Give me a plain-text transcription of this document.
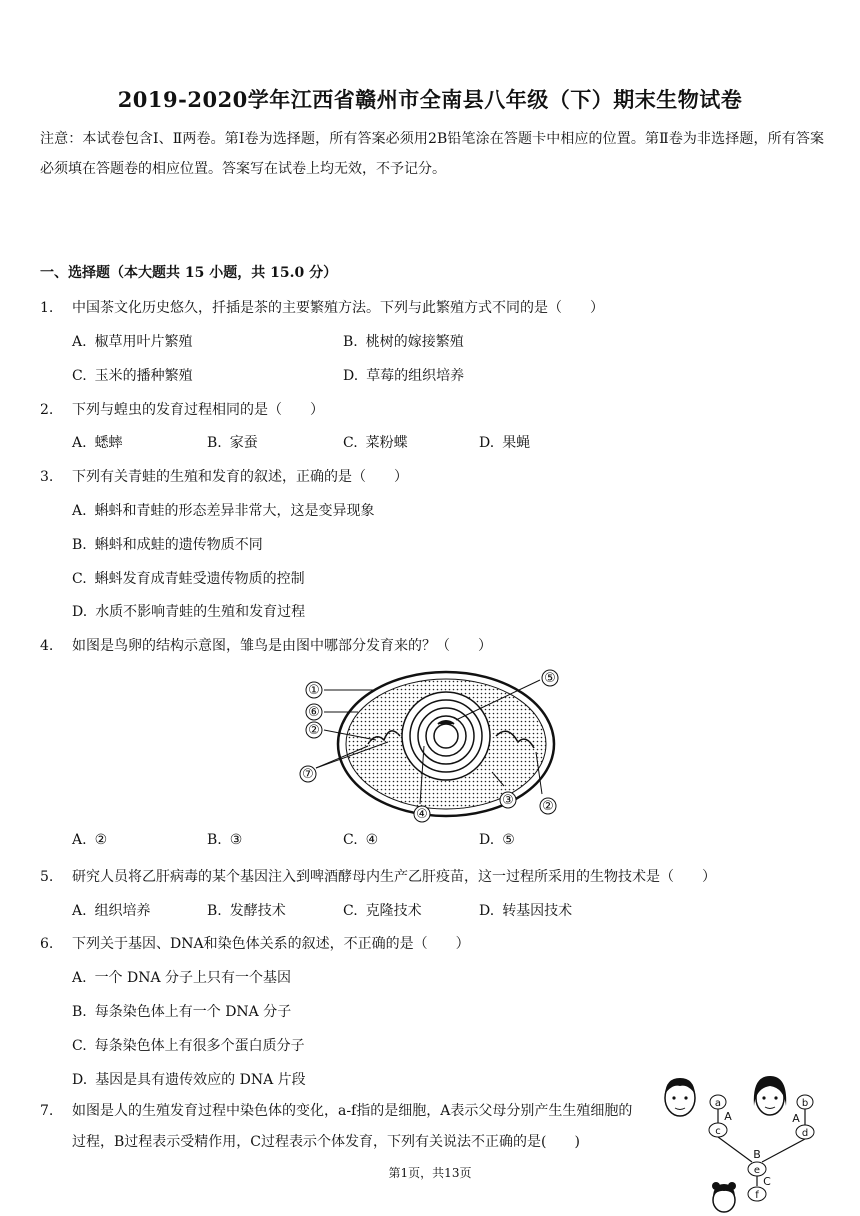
2019-2020学年江西省赣州市全南县八年级（下）期末生物试卷
注意：本试卷包含Ⅰ、Ⅱ两卷。第Ⅰ卷为选择题，所有答案必须用2B铅笔涂在答题卡中相应的位置。第Ⅱ卷为非选择题，所有答案必须填在答题卷的相应位置。答案写在试卷上均无效，不予记分。
一、选择题（本大题共 15 小题，共 15.0 分）
1. 中国茶文化历史悠久，扦插是茶的主要繁殖方法。下列与此繁殖方式不同的是（　　）
A. 椒草用叶片繁殖	B. 桃树的嫁接繁殖
C. 玉米的播种繁殖	D. 草莓的组织培养
2. 下列与蝗虫的发育过程相同的是（　　）
A. 蟋蟀	B. 家蚕	C. 菜粉蝶	D. 果蝇
3. 下列有关青蛙的生殖和发育的叙述，正确的是（　　）
A. 蝌蚪和青蛙的形态差异非常大，这是变异现象
B. 蝌蚪和成蛙的遗传物质不同
C. 蝌蚪发育成青蛙受遗传物质的控制
D. 水质不影响青蛙的生殖和发育过程
4. 如图是鸟卵的结构示意图，雏鸟是由图中哪部分发育来的？（　　）
①
⑥
②
⑦
⑤
③ ②
④
A. ②	B. ③	C. ④	D. ⑤
5. 研究人员将乙肝病毒的某个基因注入到啤酒酵母内生产乙肝疫苗，这一过程所采用的生物技术是（　　）
A. 组织培养	B. 发酵技术	C. 克隆技术	D. 转基因技术
6. 下列关于基因、DNA和染色体关系的叙述，不正确的是（　　）
A. 一个 DNA 分子上只有一个基因
B. 每条染色体上有一个 DNA 分子
C. 每条染色体上有很多个蛋白质分子
D. 基因是具有遗传效应的 DNA 片段
7.	如图是人的生殖发育过程中染色体的变化，a-f指的是细胞，A表示父母分别产生生殖细胞的过程，B过程表示受精作用，C过程表示个体发育，下列有关说法不正确的是(　　)
a
c
b
d
e
f
A	A
B
C
第1页，共13页
